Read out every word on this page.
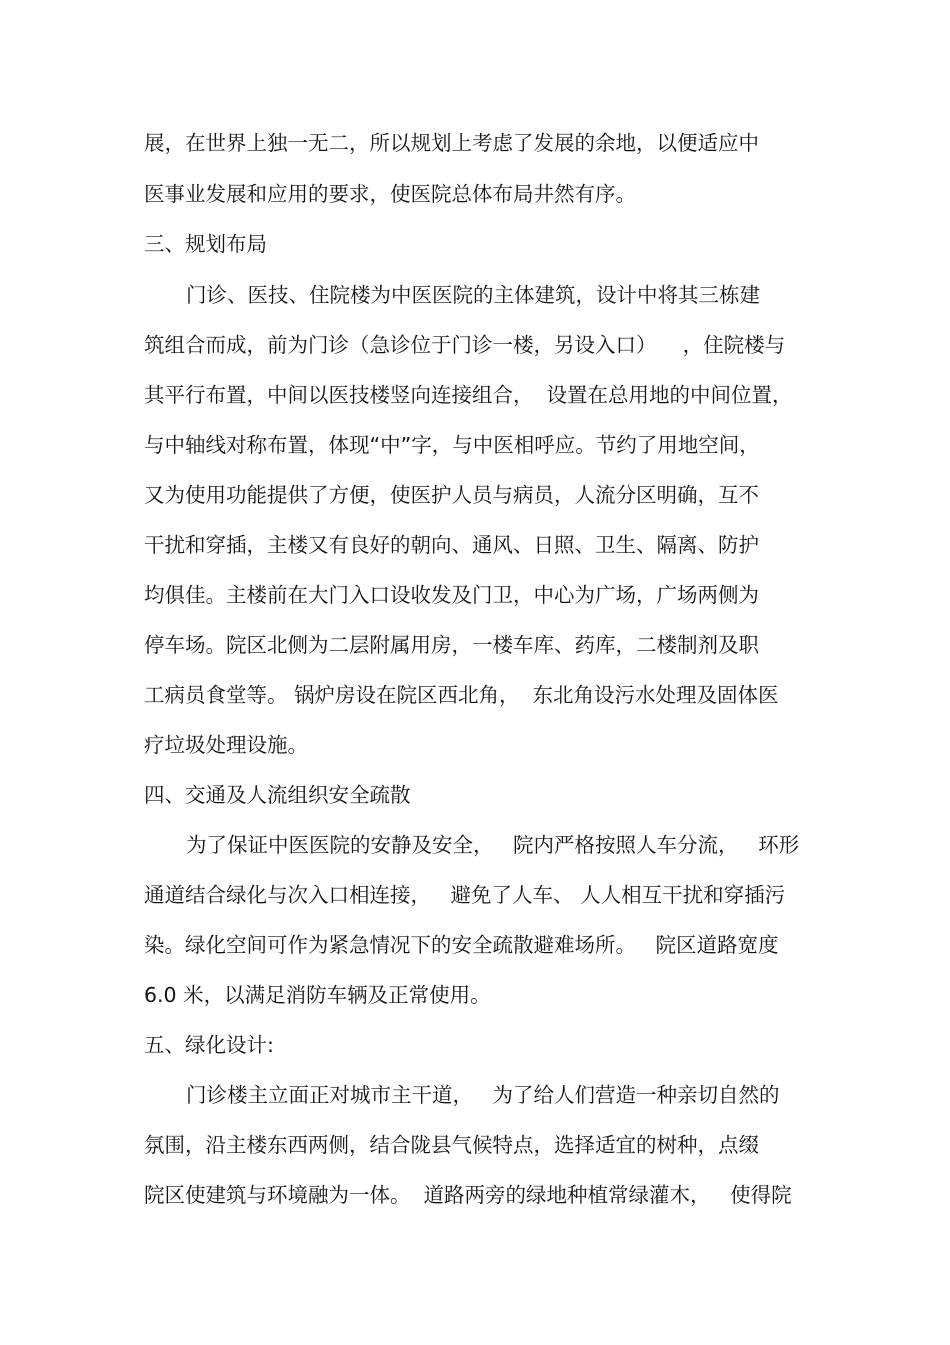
展，在世界上独一无二，所以规划上考虑了发展的余地，以便适应中
医事业发展和应用的要求，使医院总体布局井然有序。
三、规划布局
门诊、医技、住院楼为中医医院的主体建筑，设计中将其三栋建
筑组合而成，前为门诊（急诊位于门诊一楼，另设入口）    ，住院楼与
其平行布置，中间以医技楼竖向连接组合，  设置在总用地的中间位置，
与中轴线对称布置，体现“中”字，与中医相呼应。节约了用地空间，
又为使用功能提供了方便，使医护人员与病员，人流分区明确，互不
干扰和穿插，主楼又有良好的朝向、通风、日照、卫生、隔离、防护
均俱佳。主楼前在大门入口设收发及门卫，中心为广场，广场两侧为
停车场。院区北侧为二层附属用房，一楼车库、药库，二楼制剂及职
工病员食堂等。 锅炉房设在院区西北角，  东北角设污水处理及固体医
疗垃圾处理设施。
四、交通及人流组织安全疏散
为了保证中医医院的安静及安全，   院内严格按照人车分流，   环形
通道结合绿化与次入口相连接，   避免了人车、 人人相互干扰和穿插污
染。绿化空间可作为紧急情况下的安全疏散避难场所。   院区道路宽度
6.0 米，以满足消防车辆及正常使用。
五、绿化设计:
门诊楼主立面正对城市主干道，   为了给人们营造一种亲切自然的
氛围，沿主楼东西两侧，结合陇县气候特点，选择适宜的树种，点缀
院区使建筑与环境融为一体。  道路两旁的绿地种植常绿灌木，   使得院
